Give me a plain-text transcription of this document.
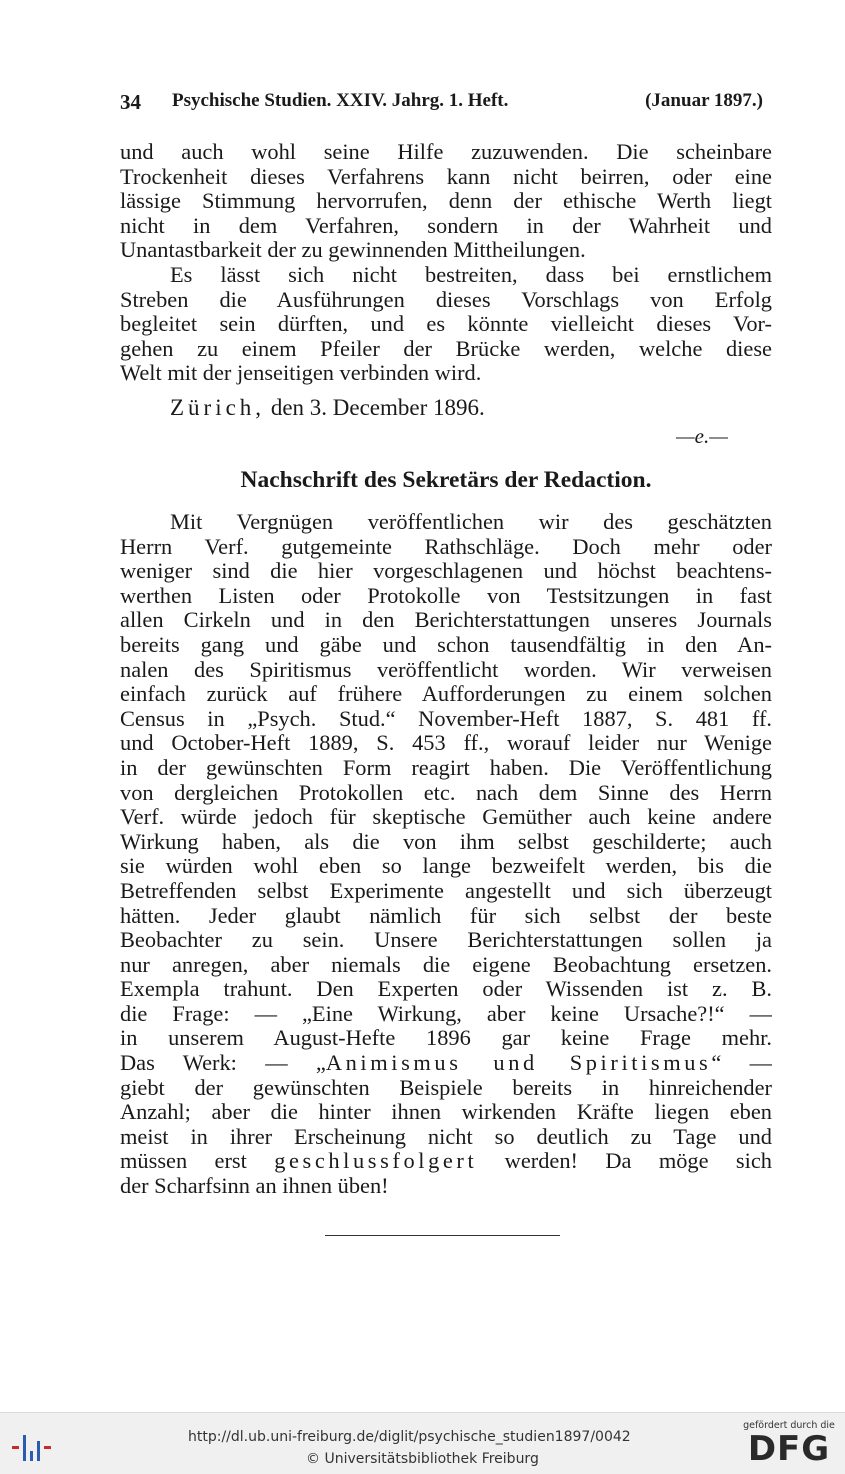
34 Psychische Studien. XXIV. Jahrg. 1. Heft.	(Januar 1897.)
und auch wohl seine Hilfe zuzuwenden. Die scheinbare
Trockenheit dieses Verfahrens kann nicht beirren, oder eine
lässige Stimmung hervorrufen, denn der ethische Werth liegt
nicht in dem Verfahren, sondern in der Wahrheit und
Unantastbarkeit der zu gewinnenden Mittheilungen.
Es lässt sich nicht bestreiten, dass bei ernstlichem
Streben die Ausführungen dieses Vorschlags von Erfolg
begleitet sein dürften, und es könnte vielleicht dieses Vor-
gehen zu einem Pfeiler der Brücke werden, welche diese
Welt mit der jenseitigen verbinden wird.
Zürich, den 3. December 1896.
—e.—
Nachschrift des Sekretärs der Redaction.
Mit Vergnügen veröffentlichen wir des geschätzten
Herrn Verf. gutgemeinte Rathschläge. Doch mehr oder
weniger sind die hier vorgeschlagenen und höchst beachtens-
werthen Listen oder Protokolle von Testsitzungen in fast
allen Cirkeln und in den Berichterstattungen unseres Journals
bereits gang und gäbe und schon tausendfältig in den An-
nalen des Spiritismus veröffentlicht worden. Wir verweisen
einfach zurück auf frühere Aufforderungen zu einem solchen
Census in „Psych. Stud.“ November-Heft 1887, S. 481 ff.
und October-Heft 1889, S. 453 ff., worauf leider nur Wenige
in der gewünschten Form reagirt haben. Die Veröffentlichung
von dergleichen Protokollen etc. nach dem Sinne des Herrn
Verf. würde jedoch für skeptische Gemüther auch keine andere
Wirkung haben, als die von ihm selbst geschilderte; auch
sie würden wohl eben so lange bezweifelt werden, bis die
Betreffenden selbst Experimente angestellt und sich überzeugt
hätten. Jeder glaubt nämlich für sich selbst der beste
Beobachter zu sein. Unsere Berichterstattungen sollen ja
nur anregen, aber niemals die eigene Beobachtung ersetzen.
Exempla trahunt. Den Experten oder Wissenden ist z. B.
die Frage: — „Eine Wirkung, aber keine Ursache?!“ —
in unserem August-Hefte 1896 gar keine Frage mehr.
Das Werk: — „Animismus und Spiritismus“ —
giebt der gewünschten Beispiele bereits in hinreichender
Anzahl; aber die hinter ihnen wirkenden Kräfte liegen eben
meist in ihrer Erscheinung nicht so deutlich zu Tage und
müssen erst geschlussfolgert werden! Da möge sich
der Scharfsinn an ihnen üben!
http://dl.ub.uni-freiburg.de/diglit/psychische_studien1897/0042
© Universitätsbibliothek Freiburg
gefördert durch die
DFG
